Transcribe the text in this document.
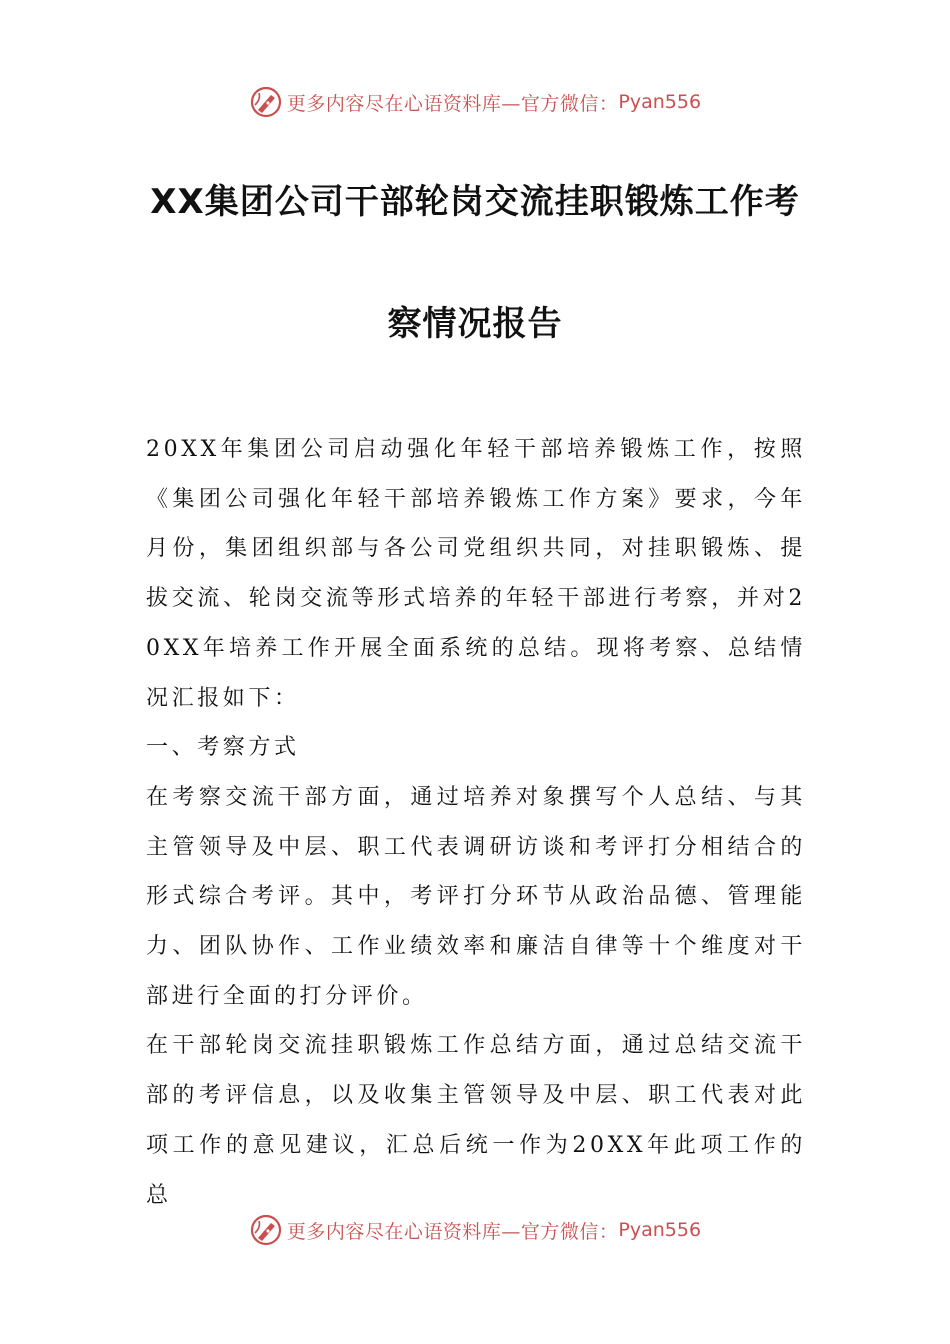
更多内容尽在心语资料库—官方微信： Pyan556
XX集团公司干部轮岗交流挂职锻炼工作考
察情况报告

20XX年集团公司启动强化年轻干部培养锻炼工作，按照《集团公司强化年轻干部培养锻炼工作方案》要求，今年月份，集团组织部与各公司党组织共同，对挂职锻炼、提拔交流、轮岗交流等形式培养的年轻干部进行考察，并对20XX年培养工作开展全面系统的总结。现将考察、总结情况汇报如下：

一、考察方式

在考察交流干部方面，通过培养对象撰写个人总结、与其主管领导及中层、职工代表调研访谈和考评打分相结合的形式综合考评。其中，考评打分环节从政治品德、管理能力、团队协作、工作业绩效率和廉洁自律等十个维度对干部进行全面的打分评价。

在干部轮岗交流挂职锻炼工作总结方面，通过总结交流干部的考评信息，以及收集主管领导及中层、职工代表对此项工作的意见建议，汇总后统一作为20XX年此项工作的总

更多内容尽在心语资料库—官方微信： Pyan556
